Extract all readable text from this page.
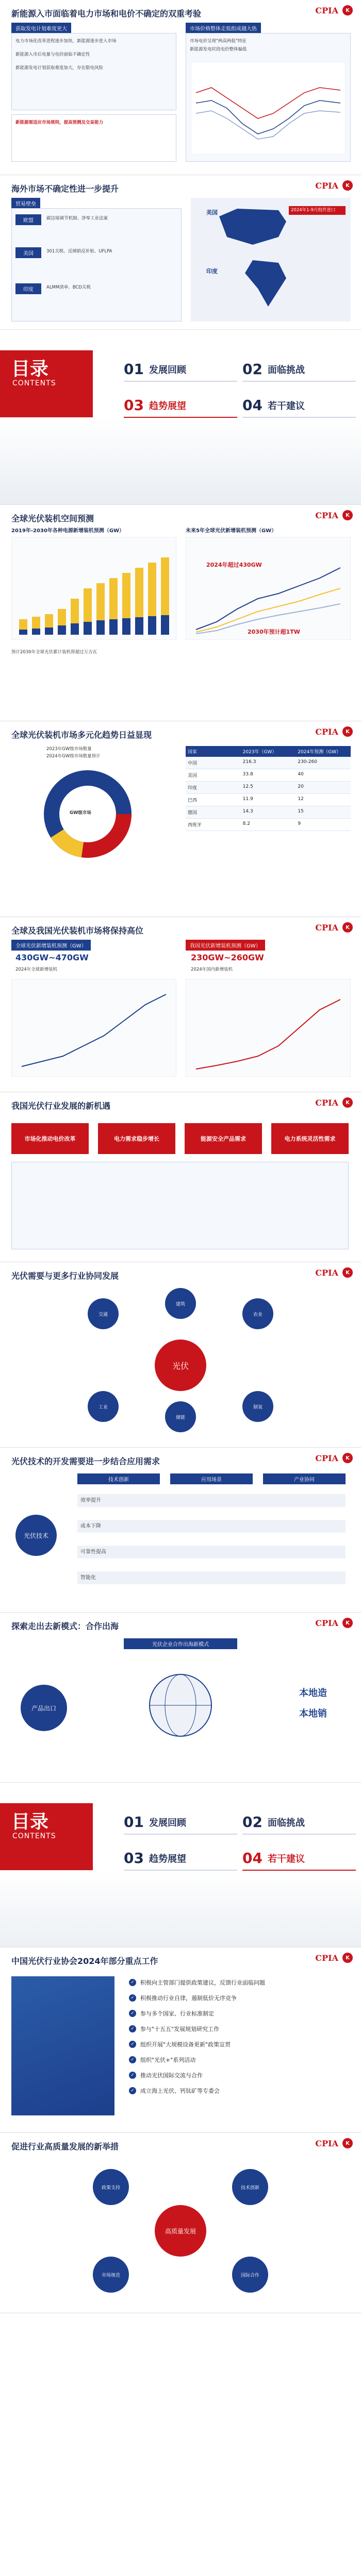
新能源入市面临着电力市场和电价不确定的双重考验	CPIA	K
获取发电计划难度更大	市场价格整体走低组成越大热
电力市场化改革进程逐步加快，新能源逐步进入市场
新能源入市后电量与电价面临不确定性
新能源发电计划获取难度加大，存在限电风险
市场电价呈现"两高两低"特征
新能源发电时段电价整体偏低
新能源需适应市场规则，提高预测及交易能力
海外市场不确定性进一步提升	CPIA	K
贸易壁垒
欧盟	碳边境调节机制、净零工业法案
美国	301关税、反倾销反补贴、UFLPA
印度	ALMM清单、BCD关税
美国
印度
2024年1-9月组件进口
目录
CONTENTS
01 发展回顾	02 面临挑战
03 趋势展望	04 若干建议
全球光伏装机空间预测	CPIA	K
2019年-2030年各种电源新增装机预测（GW）	未来5年全球光伏新增装机预测（GW）
2024年超过430GW
2030年预计超1TW
预计2030年全球光伏累计装机将超过万吉瓦
全球光伏装机市场多元化趋势日益显现	CPIA	K
2023年GW级市场数量
2024年GW级市场数量预计
GW级市场
国家	2023年（GW）	2024年预测（GW）
中国	216.3	230-260
美国	33.8	40
印度	12.5	20
巴西	11.9	12
德国	14.3	15
西班牙	8.2	9
全球及我国光伏装机市场将保持高位	CPIA	K
全球光伏新增装机预测（GW）	我国光伏新增装机预测（GW）
430GW~470GW	230GW~260GW
2024年全球新增装机	2024年国内新增装机
我国光伏行业发展的新机遇	CPIA	K
市场化推动电价改革	电力需求稳步增长	能源安全产品需求	电力系统灵活性需求
光伏需要与更多行业协同发展	CPIA	K
光伏
交通
建筑
农业
工业
储能
制氢
光伏技术的开发需要进一步结合应用需求	CPIA	K
光伏技术
技术创新	应用场景	产业协同
效率提升
成本下降
可靠性提高
智能化
探索走出去新模式：合作出海	CPIA	K
光伏企业合作出海新模式
产品出口
本地造
本地销
目录
CONTENTS
01 发展回顾	02 面临挑战
03 趋势展望	04 若干建议
中国光伏行业协会2024年部分重点工作	CPIA	K
✓ 积极向主管部门提供政策建议，反馈行业面临问题
✓ 积极推动行业自律，遏制低价无序竞争
✓ 参与多个国家、行业标准制定
✓ 参与"十五五"发展规划研究工作
✓ 组织开展"大规模设备更新"政策宣贯
✓ 组织"光伏+"系列活动
✓ 推动光伏国际交流与合作
✓ 成立海上光伏、钙钛矿等专委会
促进行业高质量发展的新举措	CPIA	K
高质量发展
政策支持	技术创新
市场规范	国际合作
